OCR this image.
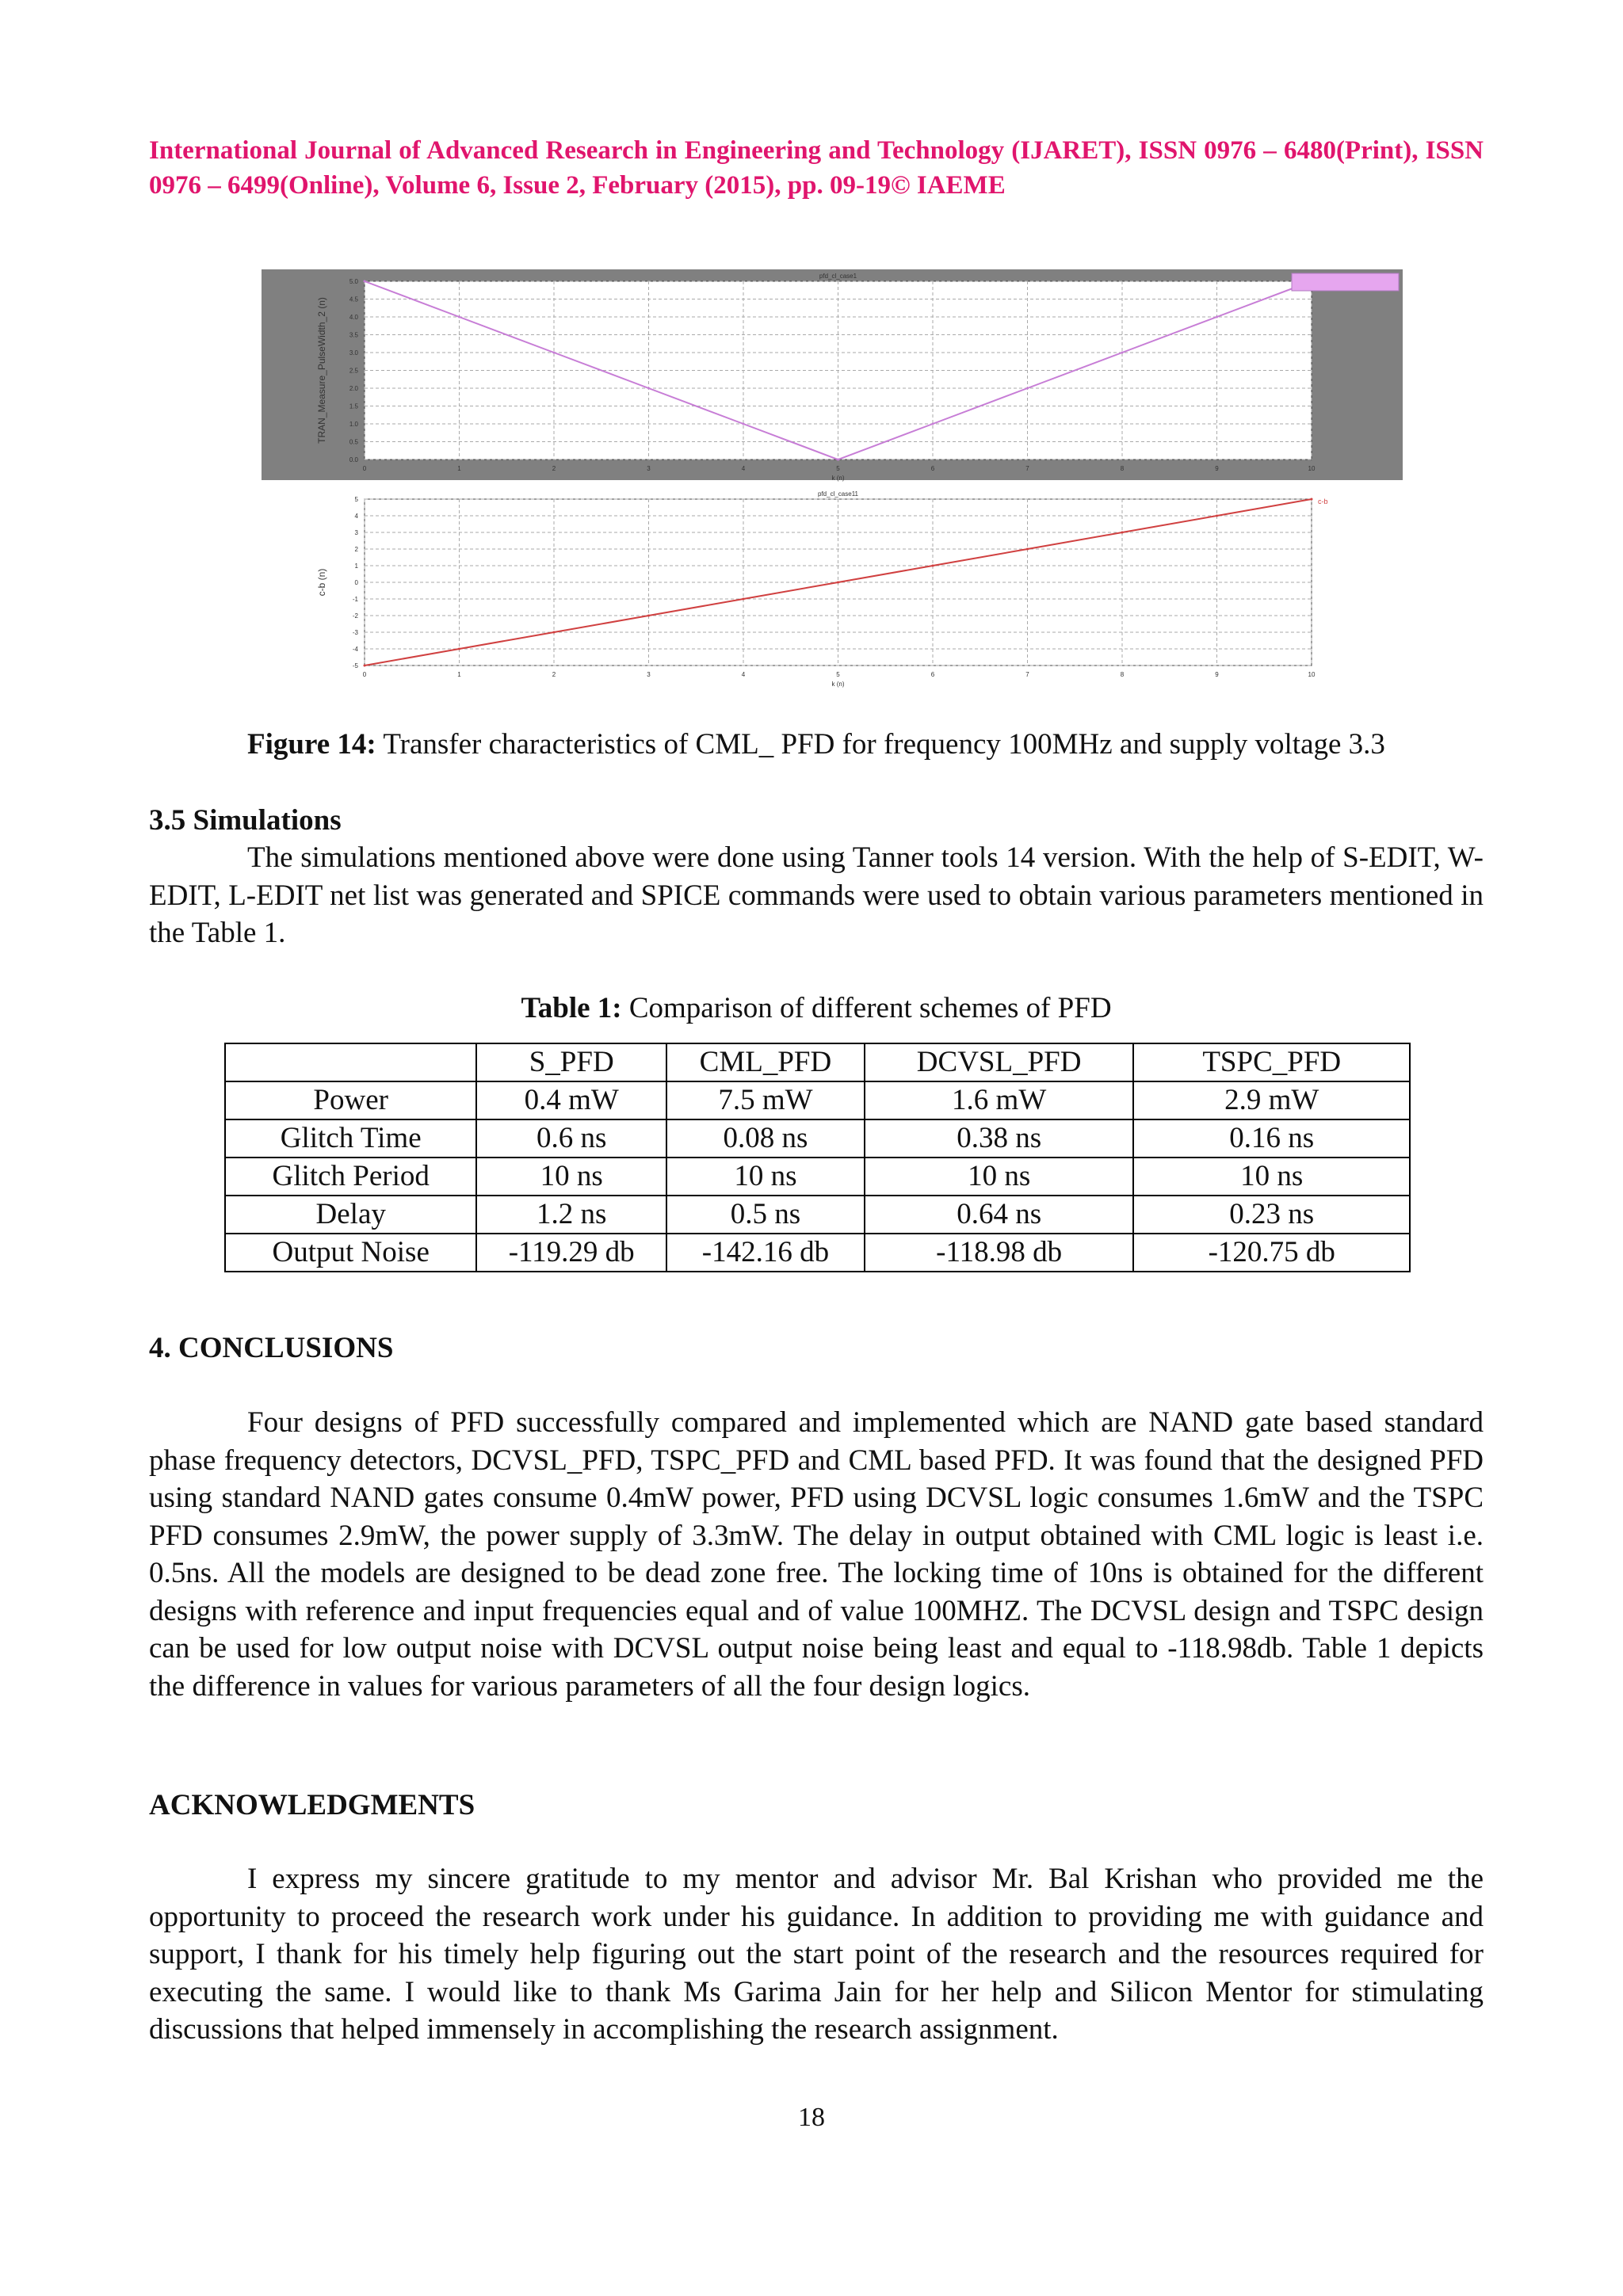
International Journal of Advanced Research in Engineering and Technology (IJARET), ISSN 0976 – 6480(Print), ISSN 0976 – 6499(Online), Volume 6, Issue 2, February (2015), pp. 09-19© IAEME
0	1	2	3	4	5	6	7	8	9	10
0.0
0.5
1.0
1.5
2.0
2.5
3.0
3.5
4.0
4.5
5.0
pfd_cl_case1
k (n)
TRAN_Measure_PulseWidth_2 (n)
0	1	2	3	4	5	6	7	8	9	10
-5
-4
-3
-2
-1
0
1
2
3
4
5
pfd_cl_case11
k (n)
c-b (n)
c-b
Figure 14: Transfer characteristics of CML_ PFD for frequency 100MHz and supply voltage 3.3
3.5 Simulations

The simulations mentioned above were done using Tanner tools 14 version. With the help of S-EDIT, W-EDIT, L-EDIT net list was generated and SPICE commands were used to obtain various parameters mentioned in the Table 1.

Table 1: Comparison of different schemes of PFD
	S_PFD	CML_PFD	DCVSL_PFD	TSPC_PFD
Power	0.4 mW	7.5 mW	1.6 mW	2.9 mW
Glitch Time	0.6 ns	0.08 ns	0.38 ns	0.16 ns
Glitch Period	10 ns	10 ns	10 ns	10 ns
Delay	1.2 ns	0.5 ns	0.64 ns	0.23 ns
Output Noise	-119.29 db	-142.16 db	-118.98 db	-120.75 db
4. CONCLUSIONS

Four designs of PFD successfully compared and implemented which are NAND gate based standard phase frequency detectors, DCVSL_PFD, TSPC_PFD and CML based PFD. It was found that the designed PFD using standard NAND gates consume 0.4mW power, PFD using DCVSL logic consumes 1.6mW and the TSPC PFD consumes 2.9mW, the power supply of 3.3mW. The delay in output obtained with CML logic is least i.e. 0.5ns. All the models are designed to be dead zone free. The locking time of 10ns is obtained for the different designs with reference and input frequencies equal and of value 100MHZ. The DCVSL design and TSPC design can be used for low output noise with DCVSL output noise being least and equal to -118.98db. Table 1 depicts the difference in values for various parameters of all the four design logics.

ACKNOWLEDGMENTS

I express my sincere gratitude to my mentor and advisor Mr. Bal Krishan who provided me the opportunity to proceed the research work under his guidance. In addition to providing me with guidance and support, I thank for his timely help figuring out the start point of the research and the resources required for executing the same. I would like to thank Ms Garima Jain for her help and Silicon Mentor for stimulating discussions that helped immensely in accomplishing the research assignment.

18
